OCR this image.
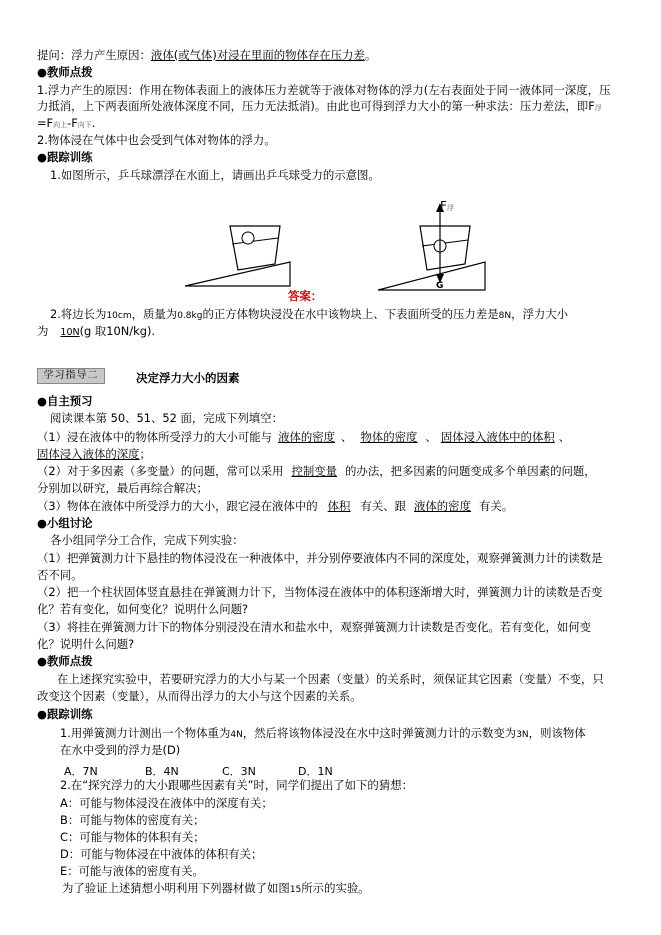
提问：浮力产生原因：液体(或气体)对浸在里面的物体存在压力差。
●教师点拨
1.浮力产生的原因：作用在物体表面上的液体压力差就等于液体对物体的浮力(左右表面处于同一液体同一深度，压
力抵消，上下两表面所处液体深度不同，压力无法抵消)。由此也可得到浮力大小的第一种求法：压力差法，即F浮
=F向上-F向下.
2.物体浸在气体中也会受到气体对物体的浮力。
●跟踪训练
1.如图所示，乒乓球漂浮在水面上，请画出乒乓球受力的示意图。
F浮
G
答案：
2.将边长为10cm，质量为0.8kg的正方体物块浸没在水中该物块上、下表面所受的压力差是8N，浮力大小
为 10N(g 取10N/kg).
学习指导二	决定浮力大小的因素
●自主预习
阅读课本第 50、51、52 面，完成下列填空：
（1）浸在液体中的物体所受浮力的大小可能与 液体的密度 、 物体的密度 、 固体浸入液体中的体积 、
固体浸入液体的深度；
（2）对于多因素（多变量）的问题，常可以采用 控制变量 的办法，把多因素的问题变成多个单因素的问题，
分别加以研究，最后再综合解决；
（3）物体在液体中所受浮力的大小，跟它浸在液体中的 体积 有关、跟 液体的密度 有关。
●小组讨论
各小组同学分工合作，完成下列实验：
（1）把弹簧测力计下悬挂的物体浸没在一种液体中，并分别停要液体内不同的深度处，观察弹簧测力计的读数是
否不同。
（2）把一个柱状固体竖直悬挂在弹簧测力计下，当物体浸在液体中的体积逐渐增大时，弹簧测力计的读数是否变
化？若有变化，如何变化？说明什么问题?
（3）将挂在弹簧测力计下的物体分别浸没在清水和盐水中，观察弹簧测力计读数是否变化。若有变化，如何变
化？说明什么问题?
●教师点拨
在上述探究实验中，若要研究浮力的大小与某一个因素（变量）的关系时，须保证其它因素（变量）不变，只
改变这个因素（变量），从而得出浮力的大小与这个因素的关系。
●跟踪训练
1.用弹簧测力计测出一个物体重为4N，然后将该物体浸没在水中这时弹簧测力计的示数变为3N，则该物体
在水中受到的浮力是(D)
A．7N	B．4N	C．3N	D．1N
2.在“探究浮力的大小跟哪些因素有关”时，同学们提出了如下的猜想：
A：可能与物体浸没在液体中的深度有关；
B：可能与物体的密度有关；
C：可能与物体的体积有关；
D：可能与物体浸在中液体的体积有关；
E：可能与液体的密度有关。
为了验证上述猜想小明利用下列器材做了如图15所示的实验。
